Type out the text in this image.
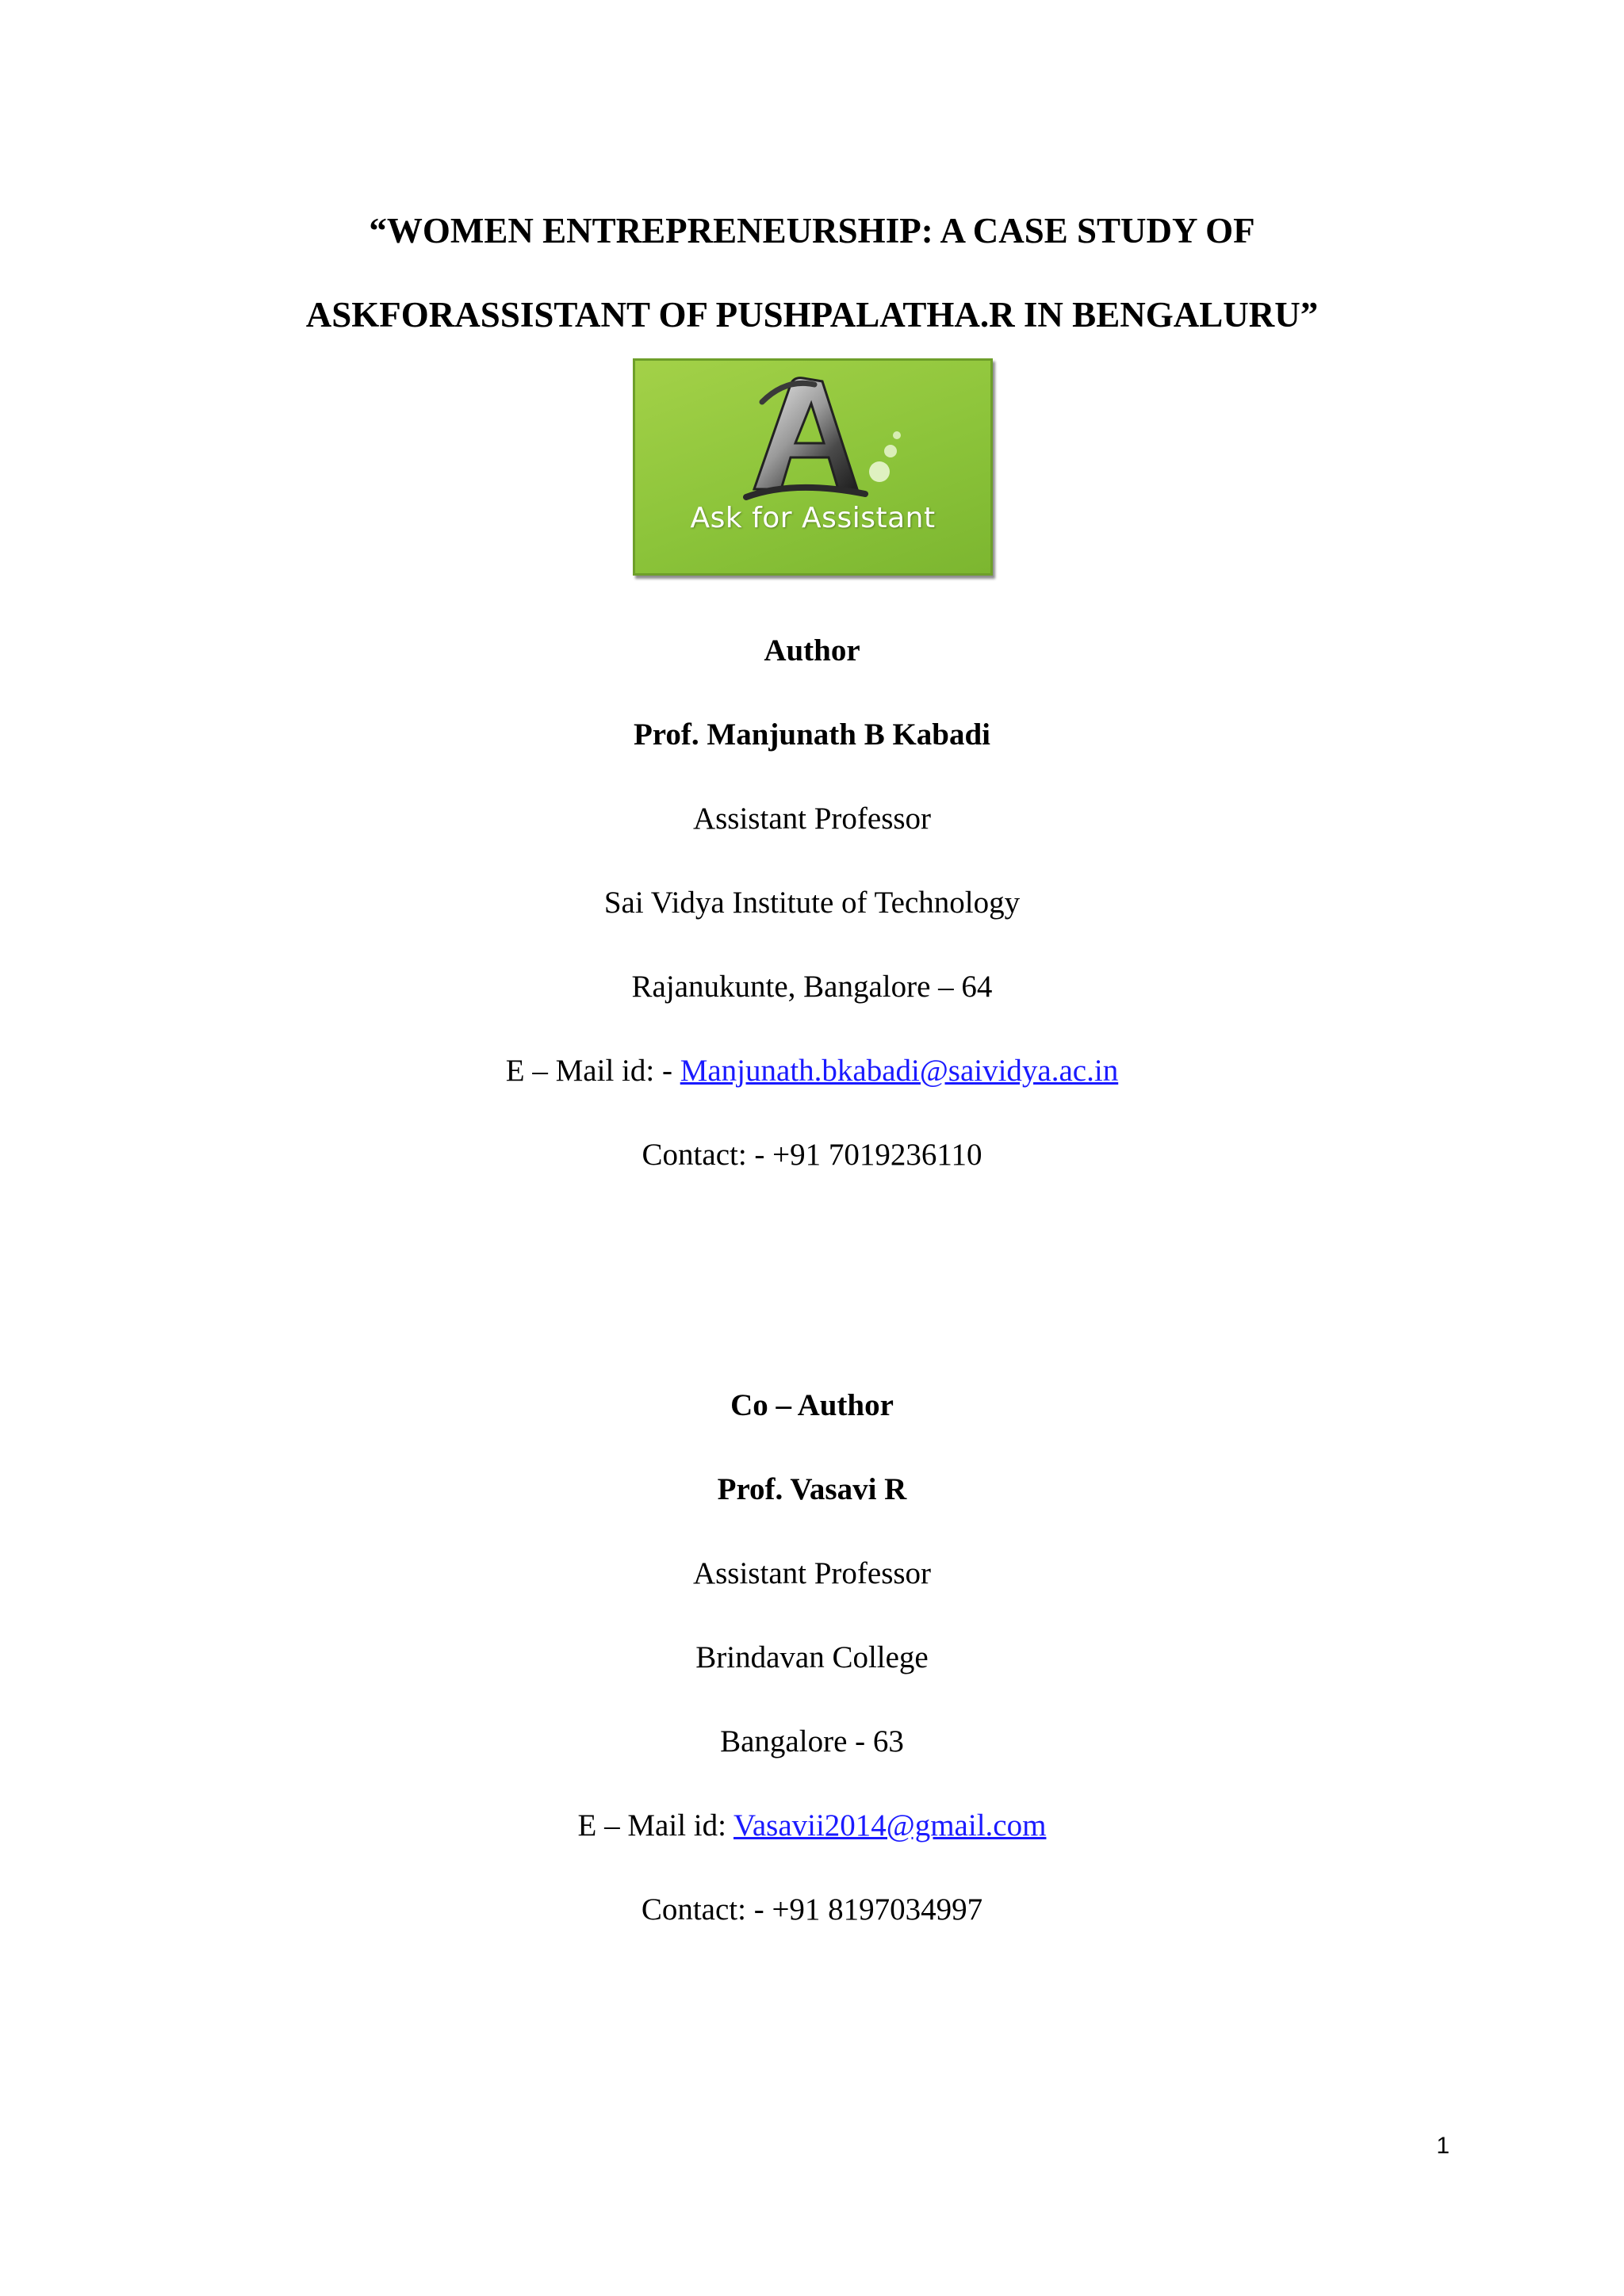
“WOMEN ENTREPRENEURSHIP: A CASE STUDY OF
ASKFORASSISTANT OF PUSHPALATHA.R IN BENGALURU”
Ask for Assistant
Author
Prof. Manjunath B Kabadi
Assistant Professor
Sai Vidya Institute of Technology
Rajanukunte, Bangalore – 64
E – Mail id: - Manjunath.bkabadi@saividya.ac.in
Contact: - +91 7019236110
Co – Author
Prof. Vasavi R
Assistant Professor
Brindavan College
Bangalore - 63
E – Mail id: Vasavii2014@gmail.com
Contact: - +91 8197034997
1
